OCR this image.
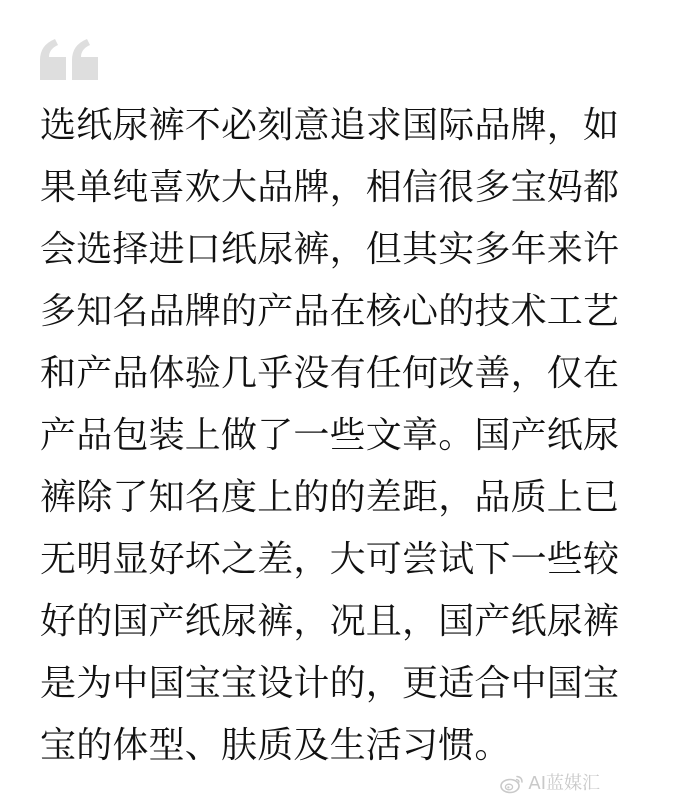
选纸尿裤不必刻意追求国际品牌，如
果单纯喜欢大品牌，相信很多宝妈都
会选择进口纸尿裤，但其实多年来许
多知名品牌的产品在核心的技术工艺
和产品体验几乎没有任何改善，仅在
产品包装上做了一些文章。国产纸尿
裤除了知名度上的的差距，品质上已
无明显好坏之差，大可尝试下一些较
好的国产纸尿裤，况且，国产纸尿裤
是为中国宝宝设计的，更适合中国宝
宝的体型、肤质及生活习惯。
AI蓝媒汇
